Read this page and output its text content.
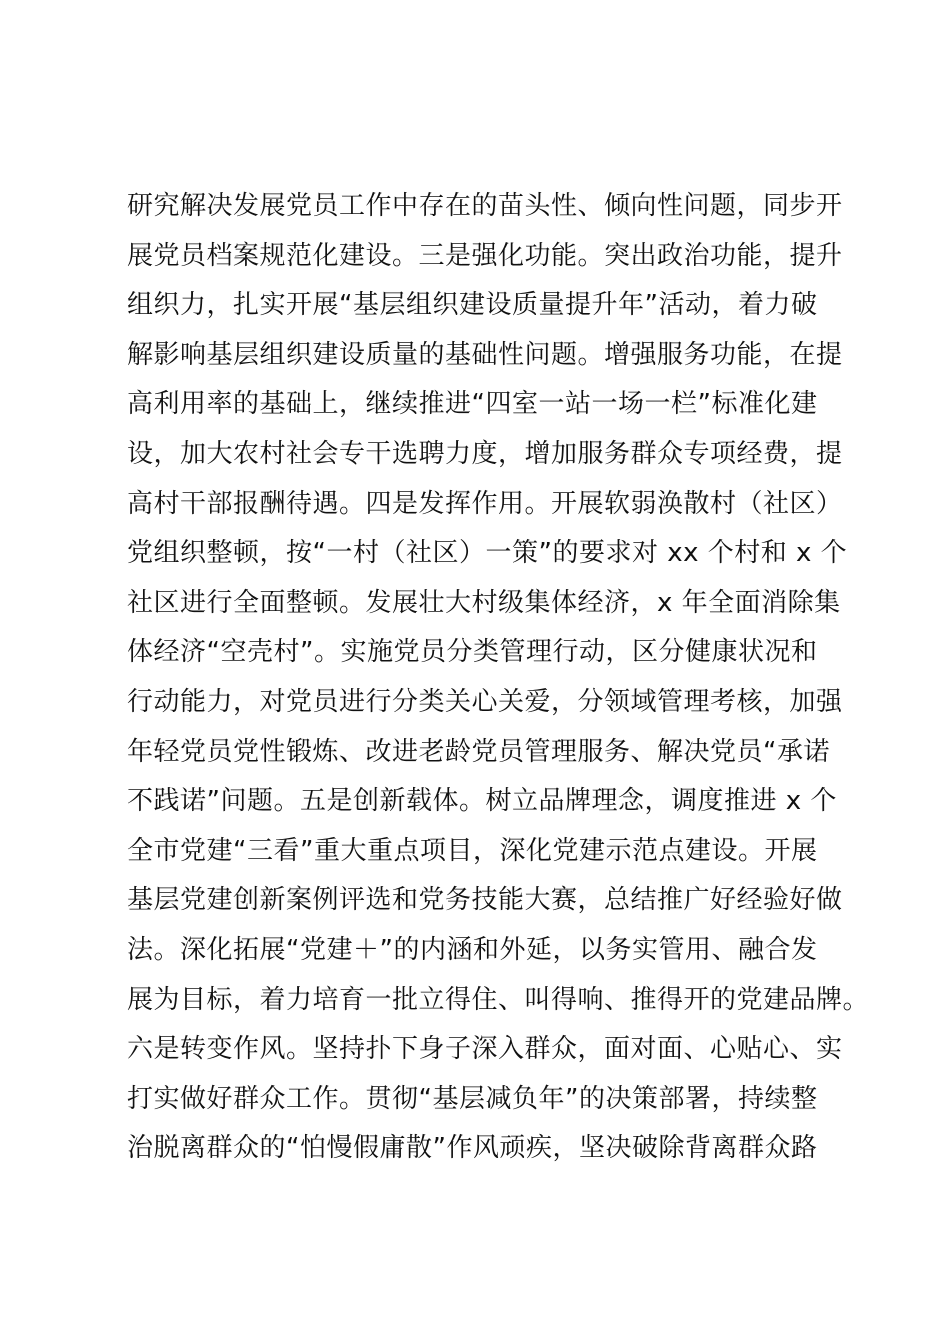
研究解决发展党员工作中存在的苗头性、倾向性问题，同步开
展党员档案规范化建设。三是强化功能。突出政治功能，提升
组织力，扎实开展“基层组织建设质量提升年”活动，着力破
解影响基层组织建设质量的基础性问题。增强服务功能，在提
高利用率的基础上，继续推进“四室一站一场一栏”标准化建
设，加大农村社会专干选聘力度，增加服务群众专项经费，提
高村干部报酬待遇。四是发挥作用。开展软弱涣散村（社区）
党组织整顿，按“一村（社区）一策”的要求对 xx 个村和 x 个
社区进行全面整顿。发展壮大村级集体经济，x 年全面消除集
体经济“空壳村”。实施党员分类管理行动，区分健康状况和
行动能力，对党员进行分类关心关爱，分领域管理考核，加强
年轻党员党性锻炼、改进老龄党员管理服务、解决党员“承诺
不践诺”问题。五是创新载体。树立品牌理念，调度推进 x 个
全市党建“三看”重大重点项目，深化党建示范点建设。开展
基层党建创新案例评选和党务技能大赛，总结推广好经验好做
法。深化拓展“党建＋”的内涵和外延，以务实管用、融合发
展为目标，着力培育一批立得住、叫得响、推得开的党建品牌。
六是转变作风。坚持扑下身子深入群众，面对面、心贴心、实
打实做好群众工作。贯彻“基层减负年”的决策部署，持续整
治脱离群众的“怕慢假庸散”作风顽疾，坚决破除背离群众路
